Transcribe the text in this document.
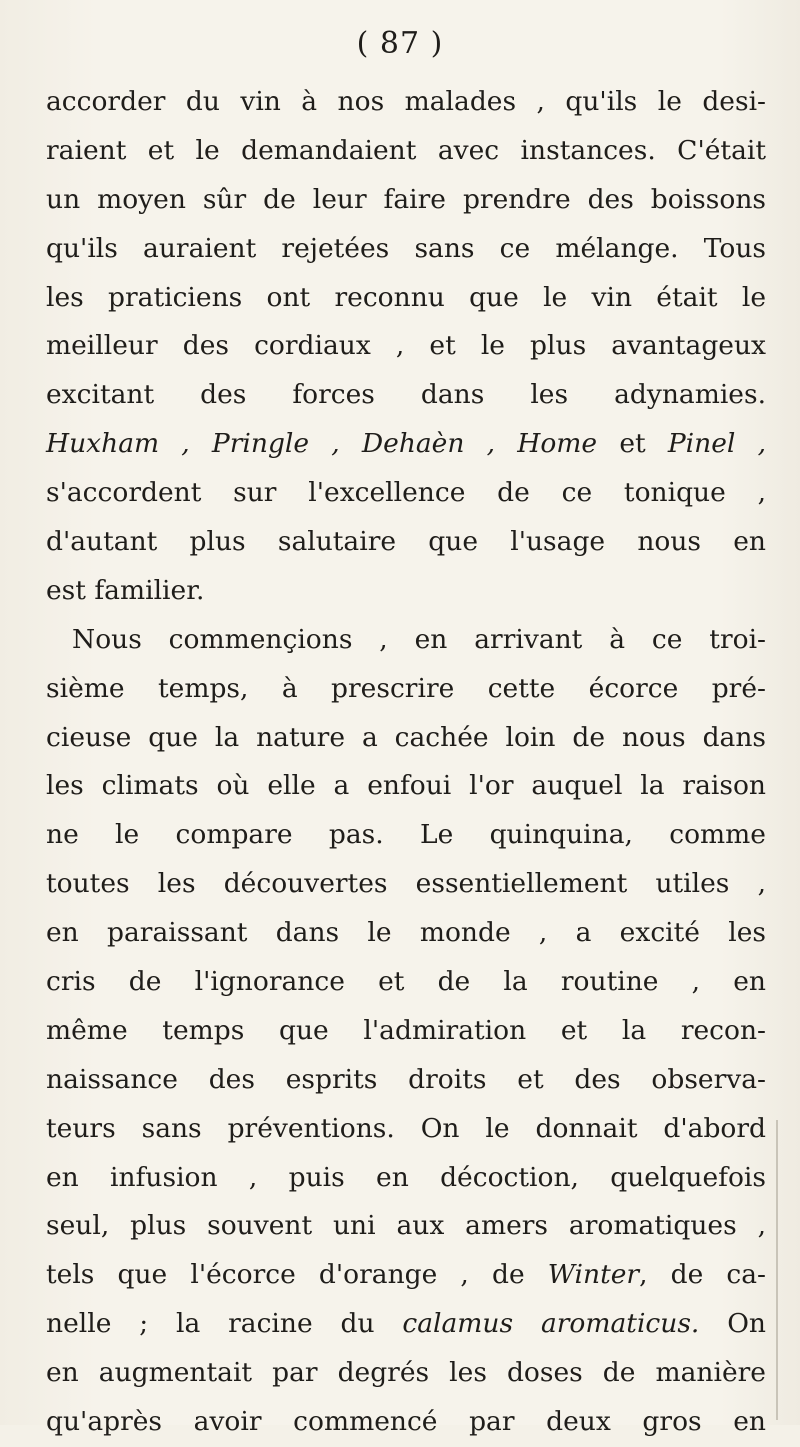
( 87 )
accorder du vin à nos malades , qu'ils le desi-
raient et le demandaient avec instances. C'était
un moyen sûr de leur faire prendre des boissons
qu'ils auraient rejetées sans ce mélange. Tous
les praticiens ont reconnu que le vin était le
meilleur des cordiaux , et le plus avantageux
excitant des forces dans les adynamies.
Huxham , Pringle , Dehaèn , Home et Pinel ,
s'accordent sur l'excellence de ce tonique ,
d'autant plus salutaire que l'usage nous en
est familier.
Nous commençions , en arrivant à ce troi-
sième temps, à prescrire cette écorce pré-
cieuse que la nature a cachée loin de nous dans
les climats où elle a enfoui l'or auquel la raison
ne le compare pas. Le quinquina, comme
toutes les découvertes essentiellement utiles ,
en paraissant dans le monde , a excité les
cris de l'ignorance et de la routine , en
même temps que l'admiration et la recon-
naissance des esprits droits et des observa-
teurs sans préventions. On le donnait d'abord
en infusion , puis en décoction, quelquefois
seul, plus souvent uni aux amers aromatiques ,
tels que l'écorce d'orange , de Winter, de ca-
nelle ; la racine du calamus aromaticus. On
en augmentait par degrés les doses de manière
qu'après avoir commencé par deux gros en
